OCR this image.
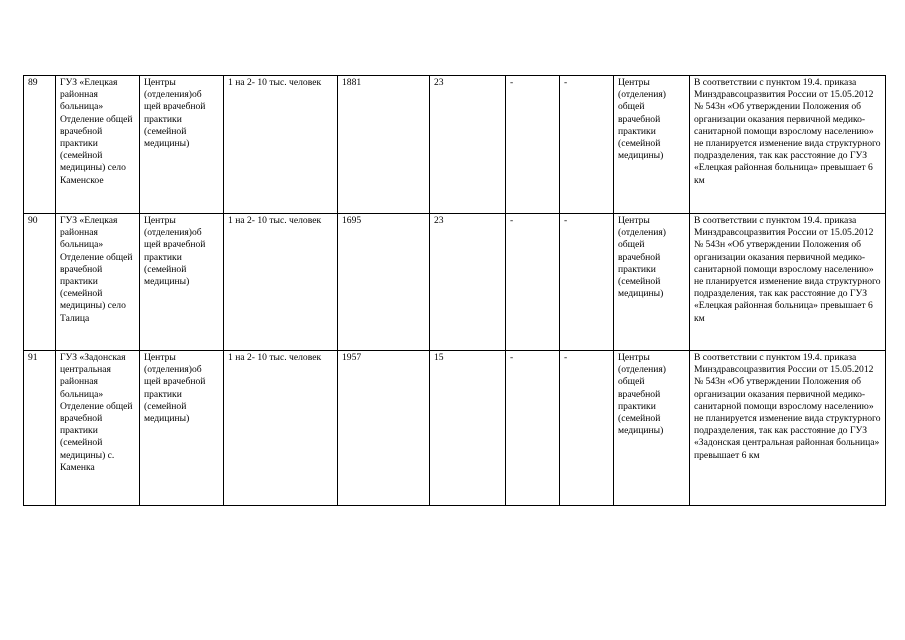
89	ГУЗ «Елецкая районная больница» Отделение общей врачебной практики (семейной медицины) село Каменское	Центры (отделения)об щей врачебной практики (семейной медицины)	1 на 2- 10 тыс. человек	1881	23	-	-	Центры (отделения) общей врачебной практики (семейной медицины)	В соответствии с пунктом 19.4. приказа Минздравсоцразвития России от 15.05.2012 № 543н «Об утверждении Положения об организации оказания первичной медико-санитарной помощи взрослому населению» не планируется изменение вида структурного подразделения, так как расстояние до ГУЗ «Елецкая районная больница» превышает 6 км
90	ГУЗ «Елецкая районная больница» Отделение общей врачебной практики (семейной медицины) село Талица	Центры (отделения)об щей врачебной практики (семейной медицины)	1 на 2- 10 тыс. человек	1695	23	-	-	Центры (отделения) общей врачебной практики (семейной медицины)	В соответствии с пунктом 19.4. приказа Минздравсоцразвития России от 15.05.2012 № 543н «Об утверждении Положения об организации оказания первичной медико-санитарной помощи взрослому населению» не планируется изменение вида структурного подразделения, так как расстояние до ГУЗ «Елецкая районная больница» превышает 6 км
91	ГУЗ «Задонская центральная районная больница» Отделение общей врачебной практики (семейной медицины) с. Каменка	Центры (отделения)об щей врачебной практики (семейной медицины)	1 на 2- 10 тыс. человек	1957	15	-	-	Центры (отделения) общей врачебной практики (семейной медицины)	В соответствии с пунктом 19.4. приказа Минздравсоцразвития России от 15.05.2012 № 543н «Об утверждении Положения об организации оказания первичной медико-санитарной помощи взрослому населению» не планируется изменение вида структурного подразделения, так как расстояние до ГУЗ «Задонская центральная районная больница» превышает 6 км
